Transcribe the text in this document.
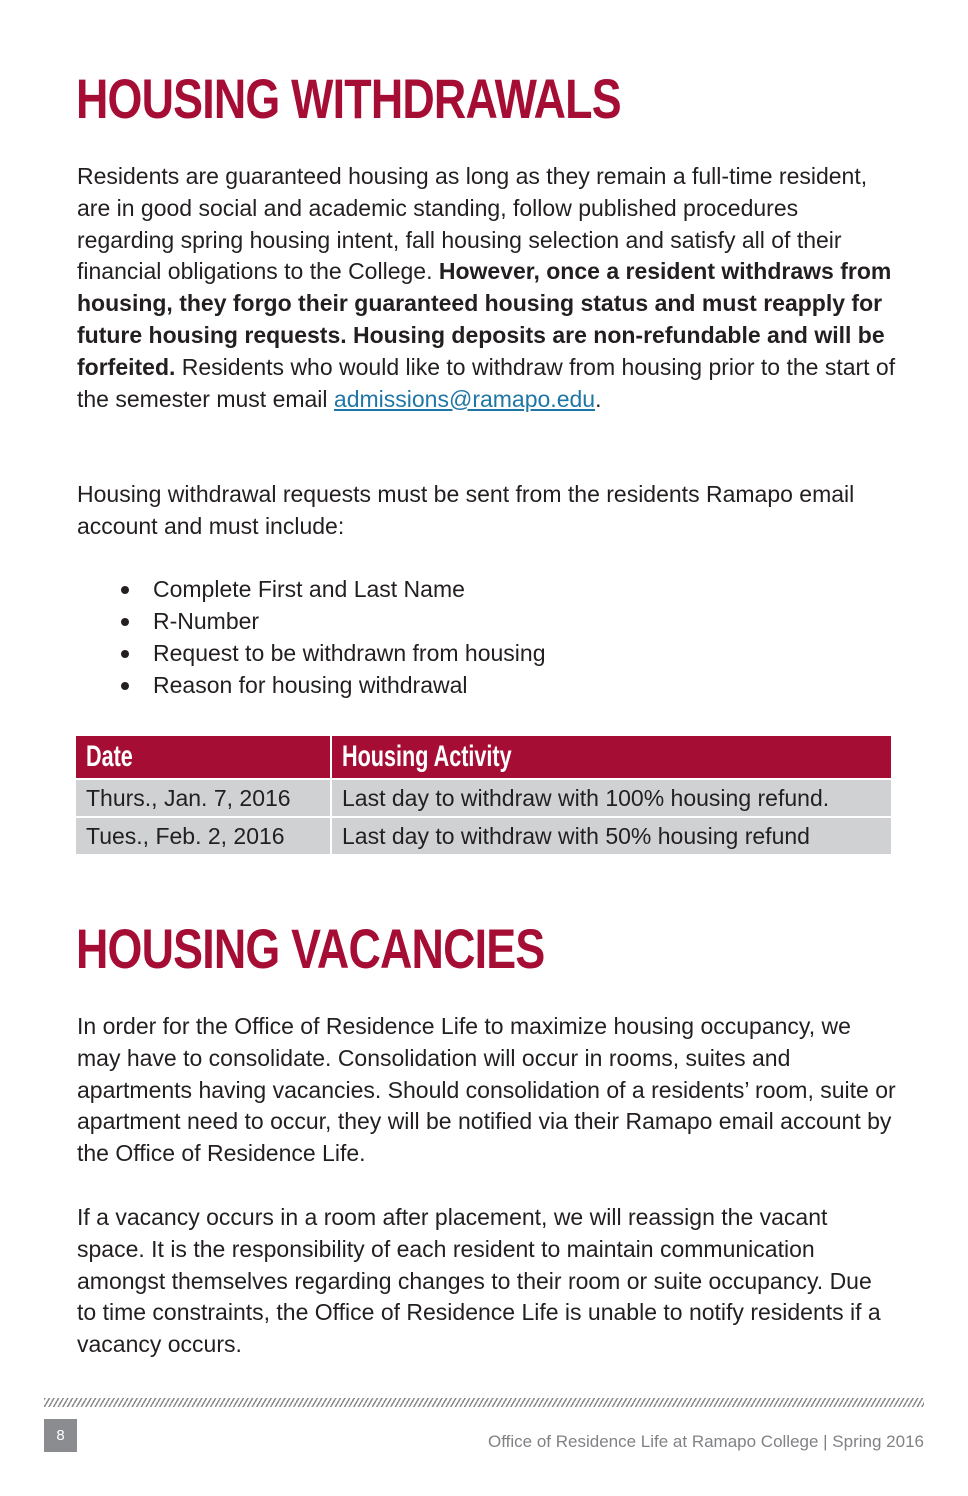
HOUSING WITHDRAWALS

Residents are guaranteed housing as long as they remain a full-time resident, are in good social and academic standing, follow published procedures regarding spring housing intent, fall housing selection and satisfy all of their financial obligations to the College. However, once a resident withdraws from housing, they forgo their guaranteed housing status and must reapply for future housing requests. Housing deposits are non-refundable and will be forfeited. Residents who would like to withdraw from housing prior to the start of the semester must email admissions@ramapo.edu.

Housing withdrawal requests must be sent from the residents Ramapo email account and must include:

Complete First and Last Name
R-Number
Request to be withdrawn from housing
Reason for housing withdrawal
Date	Housing Activity
Thurs., Jan. 7, 2016	Last day to withdraw with 100% housing refund.
Tues., Feb. 2, 2016	Last day to withdraw with 50% housing refund
HOUSING VACANCIES

In order for the Office of Residence Life to maximize housing occupancy, we may have to consolidate. Consolidation will occur in rooms, suites and apartments having vacancies. Should consolidation of a residents’ room, suite or apartment need to occur, they will be notified via their Ramapo email account by the Office of Residence Life.

If a vacancy occurs in a room after placement, we will reassign the vacant space. It is the responsibility of each resident to maintain communication amongst themselves regarding changes to their room or suite occupancy. Due to time constraints, the Office of Residence Life is unable to notify residents if a vacancy occurs.

8	Office of Residence Life at Ramapo College | Spring 2016
